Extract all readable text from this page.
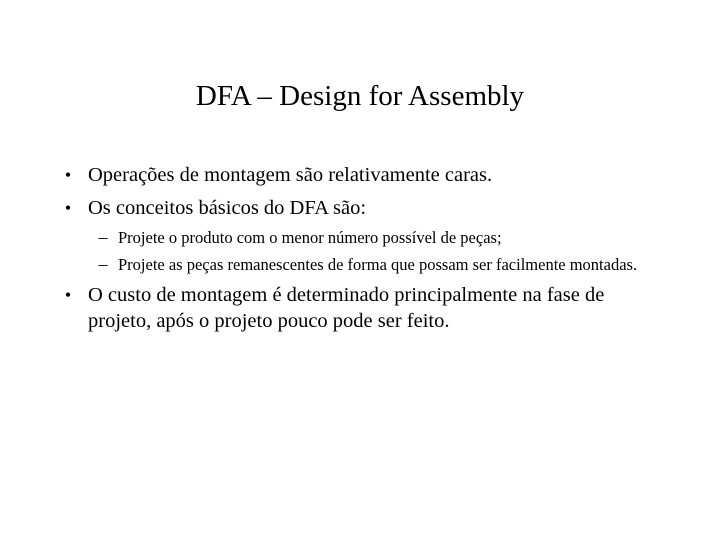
DFA – Design for Assembly
• Operações de montagem são relativamente caras.
• Os conceitos básicos do DFA são:
– Projete o produto com o menor número possível de peças;
– Projete as peças remanescentes de forma que possam ser facilmente montadas.
• O custo de montagem é determinado principalmente na fase de projeto, após o projeto pouco pode ser feito.
